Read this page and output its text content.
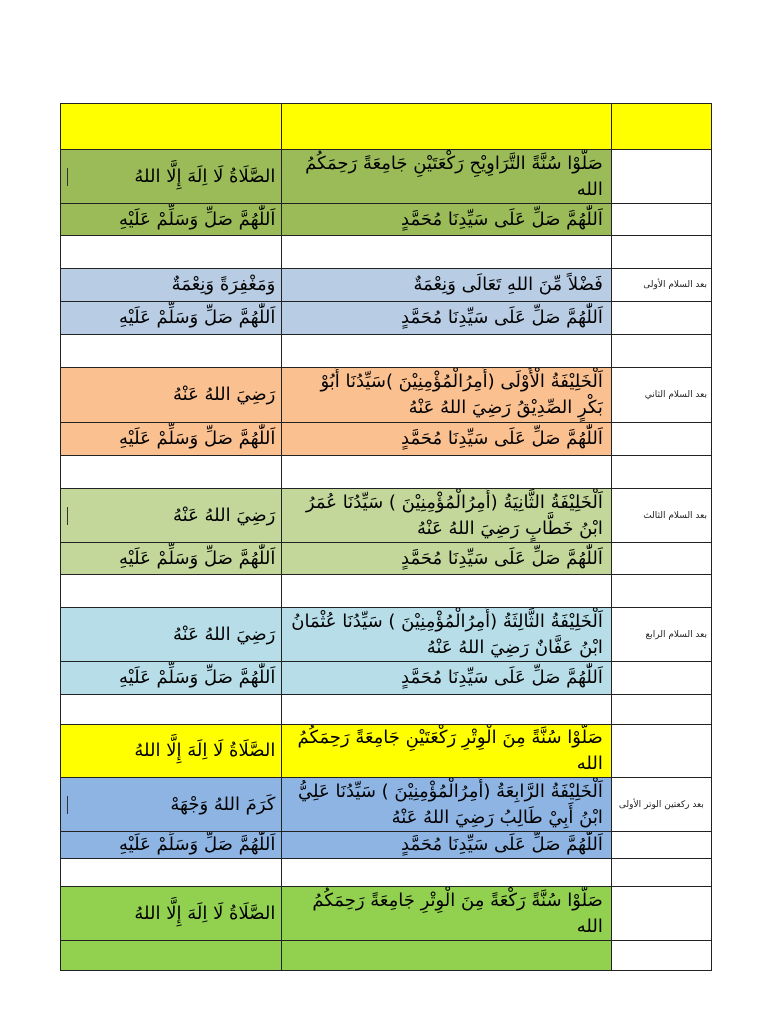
الصَّلَاةُ لَا اِلَهَ إِلَّا اللهُ	صَلُّوْا سُنَّةً التَّرَاوِيْحِ رَكْعَتَيْنِ جَامِعَةً رَحِمَكُمُ الله	

اَللّٰهُمَّ صَلِّ وَسَلِّمْ عَلَيْهِ	اَللّٰهُمَّ صَلِّ عَلَى سَيِّدِنَا مُحَمَّدٍ	

وَمَغْفِرَةً وَنِعْمَةٌ	فَضْلاً مِّنَ اللهِ تَعَالَى وَنِعْمَةٌ	بعد السلام الأولى

اَللّٰهُمَّ صَلِّ وَسَلِّمْ عَلَيْهِ	اَللّٰهُمَّ صَلِّ عَلَى سَيِّدِنَا مُحَمَّدٍ	

رَضِيَ اللهُ عَنْهُ	اَلْخَلِيْفَةُ الْأُوْلَى (أَمِرُالْمُؤْمِنِيْنَ )سَيِّدُنَا أَبُوْ بَكْرٍ الصِّدِيْقُ رَضِيَ اللهُ عَنْهُ	بعد السلام الثاني

اَللّٰهُمَّ صَلِّ وَسَلِّمْ عَلَيْهِ	اَللّٰهُمَّ صَلِّ عَلَى سَيِّدِنَا مُحَمَّدٍ	

رَضِيَ اللهُ عَنْهُ	اَلْخَلِيْفَةُ الثَّانِيَةُ (أَمِرُالْمُؤْمِنِيْنَ ) سَيِّدُنَا عُمَرُ ابْنُ خَطَّابٍ رَضِيَ اللهُ عَنْهُ	بعد السلام الثالث

اَللّٰهُمَّ صَلِّ وَسَلِّمْ عَلَيْهِ	اَللّٰهُمَّ صَلِّ عَلَى سَيِّدِنَا مُحَمَّدٍ	

رَضِيَ اللهُ عَنْهُ	اَلْخَلِيْفَةُ الثَّالِثَةُ (أَمِرُالْمُؤْمِنِيْنَ ) سَيِّدُنَا عُثْمَانُ ابْنُ عَفَّانٌ رَضِيَ اللهُ عَنْهُ	بعد السلام الرابع

اَللّٰهُمَّ صَلِّ وَسَلِّمْ عَلَيْهِ	اَللّٰهُمَّ صَلِّ عَلَى سَيِّدِنَا مُحَمَّدٍ	

الصَّلَاةُ لَا اِلَهَ إِلَّا اللهُ	صَلُّوْا سُنَّةً مِنَ الْوِتْرِ رَكْعَتَيْنِ جَامِعَةً رَحِمَكُمُ الله	

كَرَمَ اللهُ وَجْهَهْ	اَلْخَلِيْفَةُ الرَّابِعَةُ (أَمِرُالْمُؤْمِنِيْنَ ) سَيِّدُنَا عَلِيُّ ابْنُ أَبِيْ طَالِبُ رَضِيَ اللهُ عَنْهُ	بعد ركعتين الوتر الأولى

اَللّٰهُمَّ صَلِّ وَسَلِّمْ عَلَيْهِ	اَللّٰهُمَّ صَلِّ عَلَى سَيِّدِنَا مُحَمَّدٍ	

الصَّلَاةُ لَا اِلَهَ إِلَّا اللهُ	صَلُّوْا سُنَّةً رَكْعَةً مِنَ الْوِتْرِ جَامِعَةً رَحِمَكُمُ الله	
